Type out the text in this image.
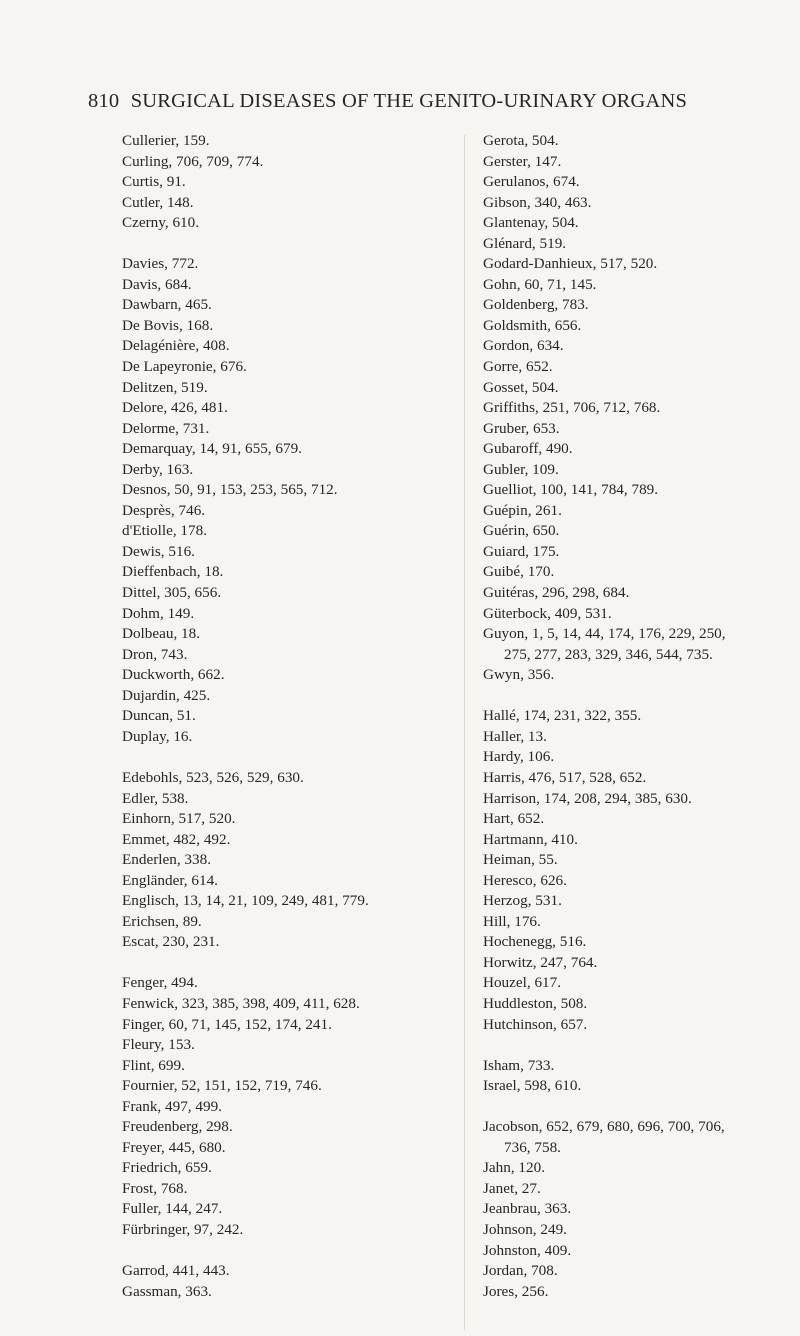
810 SURGICAL DISEASES OF THE GENITO-URINARY ORGANS
Cullerier, 159.
Curling, 706, 709, 774.
Curtis, 91.
Cutler, 148.
Czerny, 610.
Davies, 772.
Davis, 684.
Dawbarn, 465.
De Bovis, 168.
Delagénière, 408.
De Lapeyronie, 676.
Delitzen, 519.
Delore, 426, 481.
Delorme, 731.
Demarquay, 14, 91, 655, 679.
Derby, 163.
Desnos, 50, 91, 153, 253, 565, 712.
Desprès, 746.
d'Etiolle, 178.
Dewis, 516.
Dieffenbach, 18.
Dittel, 305, 656.
Dohm, 149.
Dolbeau, 18.
Dron, 743.
Duckworth, 662.
Dujardin, 425.
Duncan, 51.
Duplay, 16.
Edebohls, 523, 526, 529, 630.
Edler, 538.
Einhorn, 517, 520.
Emmet, 482, 492.
Enderlen, 338.
Engländer, 614.
Englisch, 13, 14, 21, 109, 249, 481, 779.
Erichsen, 89.
Escat, 230, 231.
Fenger, 494.
Fenwick, 323, 385, 398, 409, 411, 628.
Finger, 60, 71, 145, 152, 174, 241.
Fleury, 153.
Flint, 699.
Fournier, 52, 151, 152, 719, 746.
Frank, 497, 499.
Freudenberg, 298.
Freyer, 445, 680.
Friedrich, 659.
Frost, 768.
Fuller, 144, 247.
Fürbringer, 97, 242.
Garrod, 441, 443.
Gassman, 363.
Gerota, 504.
Gerster, 147.
Gerulanos, 674.
Gibson, 340, 463.
Glantenay, 504.
Glénard, 519.
Godard-Danhieux, 517, 520.
Gohn, 60, 71, 145.
Goldenberg, 783.
Goldsmith, 656.
Gordon, 634.
Gorre, 652.
Gosset, 504.
Griffiths, 251, 706, 712, 768.
Gruber, 653.
Gubaroff, 490.
Gubler, 109.
Guelliot, 100, 141, 784, 789.
Guépin, 261.
Guérin, 650.
Guiard, 175.
Guibé, 170.
Guitéras, 296, 298, 684.
Güterbock, 409, 531.
Guyon, 1, 5, 14, 44, 174, 176, 229, 250,
275, 277, 283, 329, 346, 544, 735.
Gwyn, 356.
Hallé, 174, 231, 322, 355.
Haller, 13.
Hardy, 106.
Harris, 476, 517, 528, 652.
Harrison, 174, 208, 294, 385, 630.
Hart, 652.
Hartmann, 410.
Heiman, 55.
Heresco, 626.
Herzog, 531.
Hill, 176.
Hochenegg, 516.
Horwitz, 247, 764.
Houzel, 617.
Huddleston, 508.
Hutchinson, 657.
Isham, 733.
Israel, 598, 610.
Jacobson, 652, 679, 680, 696, 700, 706,
736, 758.
Jahn, 120.
Janet, 27.
Jeanbrau, 363.
Johnson, 249.
Johnston, 409.
Jordan, 708.
Jores, 256.
